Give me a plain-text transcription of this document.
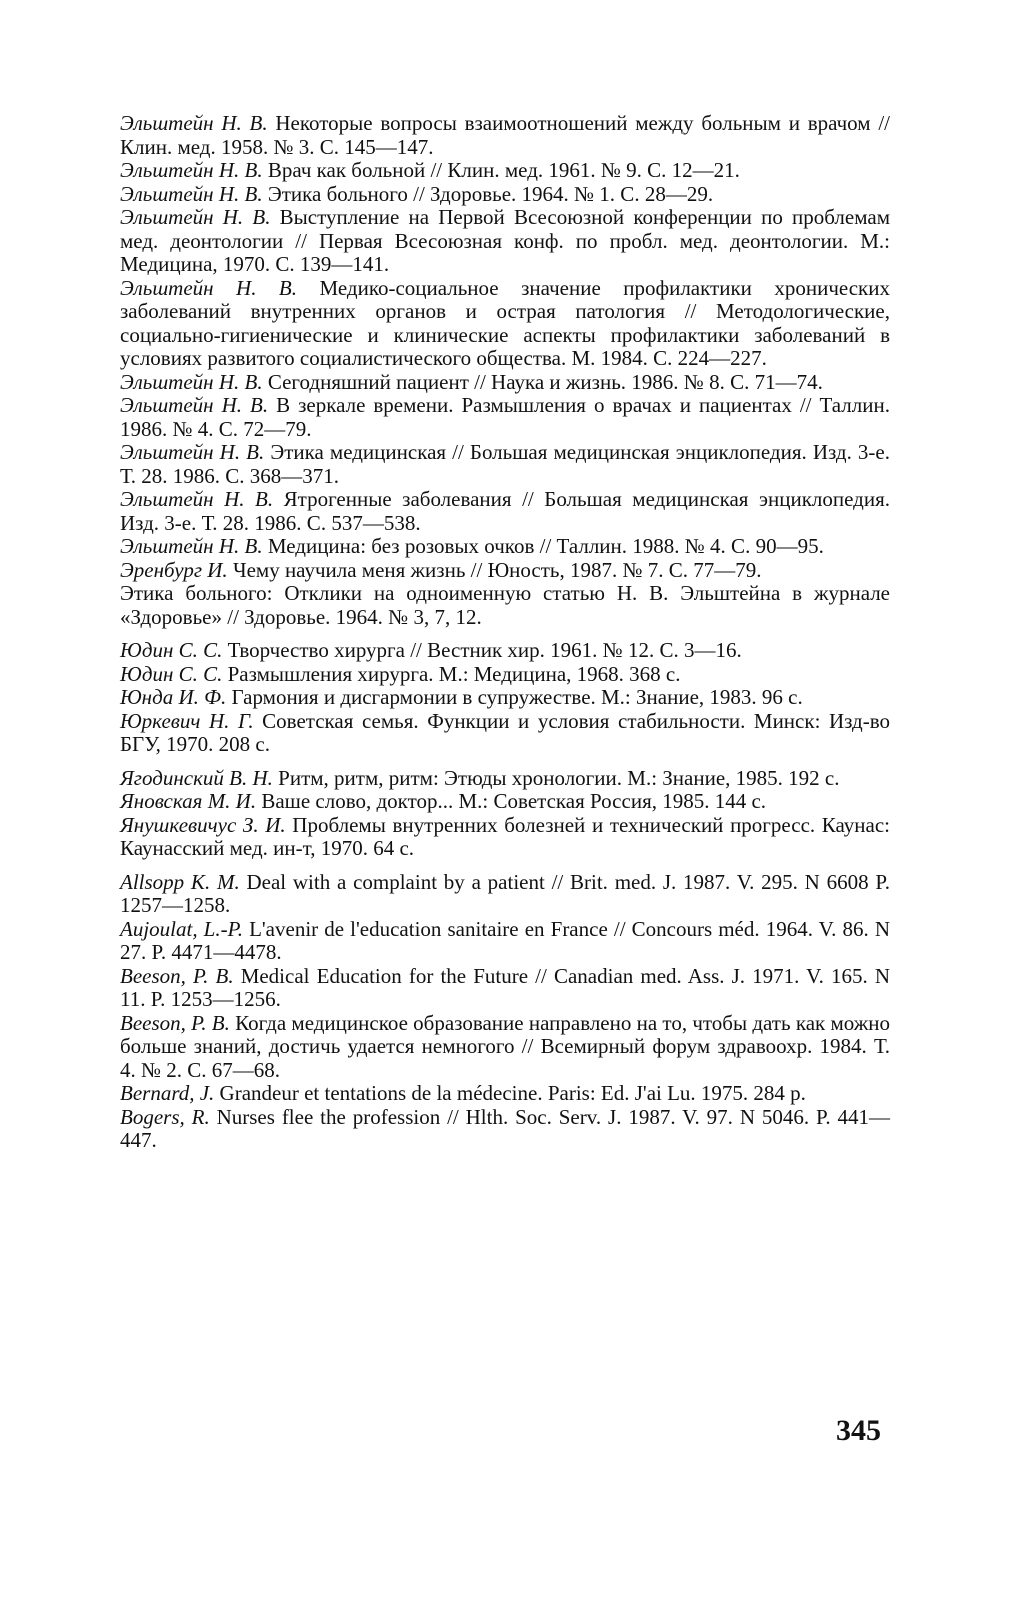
Эльштейн Н. В. Некоторые вопросы взаимоотношений между больным и врачом // Клин. мед. 1958. № 3. С. 145—147.

Эльштейн Н. В. Врач как больной // Клин. мед. 1961. № 9. С. 12—21.

Эльштейн Н. В. Этика больного // Здоровье. 1964. № 1. С. 28—29.

Эльштейн Н. В. Выступление на Первой Всесоюзной конференции по проблемам мед. деонтологии // Первая Всесоюзная конф. по пробл. мед. деонтологии. М.: Медицина, 1970. С. 139—141.

Эльштейн Н. В. Медико-социальное значение профилактики хронических заболеваний внутренних органов и острая патология // Методологические, социально-гигиенические и клинические аспекты профилактики заболеваний в условиях развитого социалистического общества. М. 1984. С. 224—227.

Эльштейн Н. В. Сегодняшний пациент // Наука и жизнь. 1986. № 8. С. 71—74.

Эльштейн Н. В. В зеркале времени. Размышления о врачах и пациентах // Таллин. 1986. № 4. С. 72—79.

Эльштейн Н. В. Этика медицинская // Большая медицинская энциклопедия. Изд. 3-е. Т. 28. 1986. С. 368—371.

Эльштейн Н. В. Ятрогенные заболевания // Большая медицинская энциклопедия. Изд. 3-е. Т. 28. 1986. С. 537—538.

Эльштейн Н. В. Медицина: без розовых очков // Таллин. 1988. № 4. С. 90—95.

Эренбург И. Чему научила меня жизнь // Юность, 1987. № 7. С. 77—79.

Этика больного: Отклики на одноименную статью Н. В. Эльштейна в журнале «Здоровье» // Здоровье. 1964. № 3, 7, 12.

Юдин С. С. Творчество хирурга // Вестник хир. 1961. № 12. С. 3—16.

Юдин С. С. Размышления хирурга. М.: Медицина, 1968. 368 с.

Юнда И. Ф. Гармония и дисгармонии в супружестве. М.: Знание, 1983. 96 с.

Юркевич Н. Г. Советская семья. Функции и условия стабильности. Минск: Изд-во БГУ, 1970. 208 с.

Ягодинский В. Н. Ритм, ритм, ритм: Этюды хронологии. М.: Знание, 1985. 192 с.

Яновская М. И. Ваше слово, доктор... М.: Советская Россия, 1985. 144 с.

Янушкевичус З. И. Проблемы внутренних болезней и технический прогресс. Каунас: Каунасский мед. ин-т, 1970. 64 с.

Allsopp K. M. Deal with a complaint by a patient // Brit. med. J. 1987. V. 295. N 6608 P. 1257—1258.

Aujoulat, L.-P. L'avenir de l'education sanitaire en France // Concours méd. 1964. V. 86. N 27. P. 4471—4478.

Beeson, P. B. Medical Education for the Future // Canadian med. Ass. J. 1971. V. 165. N 11. P. 1253—1256.

Beeson, P. B. Когда медицинское образование направлено на то, чтобы дать как можно больше знаний, достичь удается немногого // Всемирный форум здравоохр. 1984. Т. 4. № 2. С. 67—68.

Bernard, J. Grandeur et tentations de la médecine. Paris: Ed. J'ai Lu. 1975. 284 p.

Bogers, R. Nurses flee the profession // Hlth. Soc. Serv. J. 1987. V. 97. N 5046. P. 441—447.

345
